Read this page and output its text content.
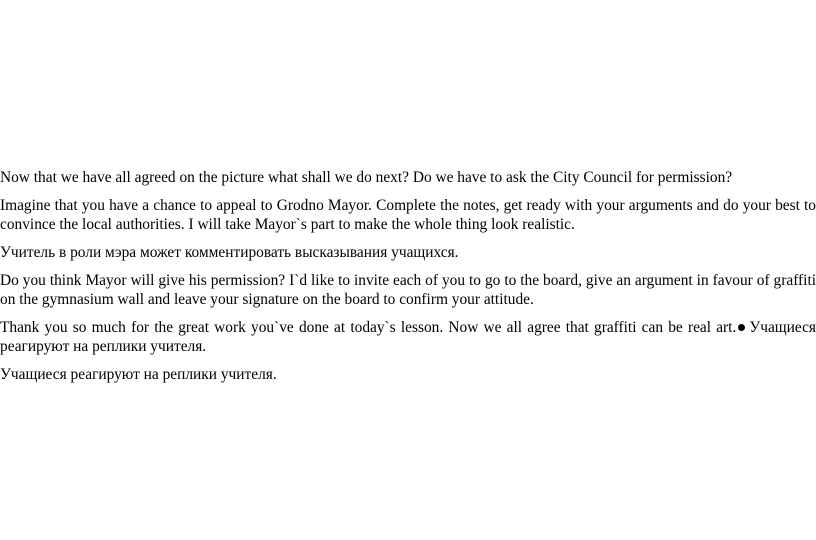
Now that we have all agreed on the picture what shall we do next? Do we have to ask the City Council for permission?

Imagine that you have a chance to appeal to Grodno Mayor. Complete the notes, get ready with your arguments and do your best to convince the local authorities. I will take Mayor`s part to make the whole thing look realistic.

Учитель в роли мэра может комментировать высказывания учащихся.

Do you think Mayor will give his permission? I`d like to invite each of you to go to the board, give an argument in favour of graffiti on the gymnasium wall and leave your signature on the board to confirm your attitude.

Thank you so much for the great work you`ve done at today`s lesson. Now we all agree that graffiti can be real art. Учащиеся реагируют на реплики учителя.

Учащиеся реагируют на реплики учителя.
